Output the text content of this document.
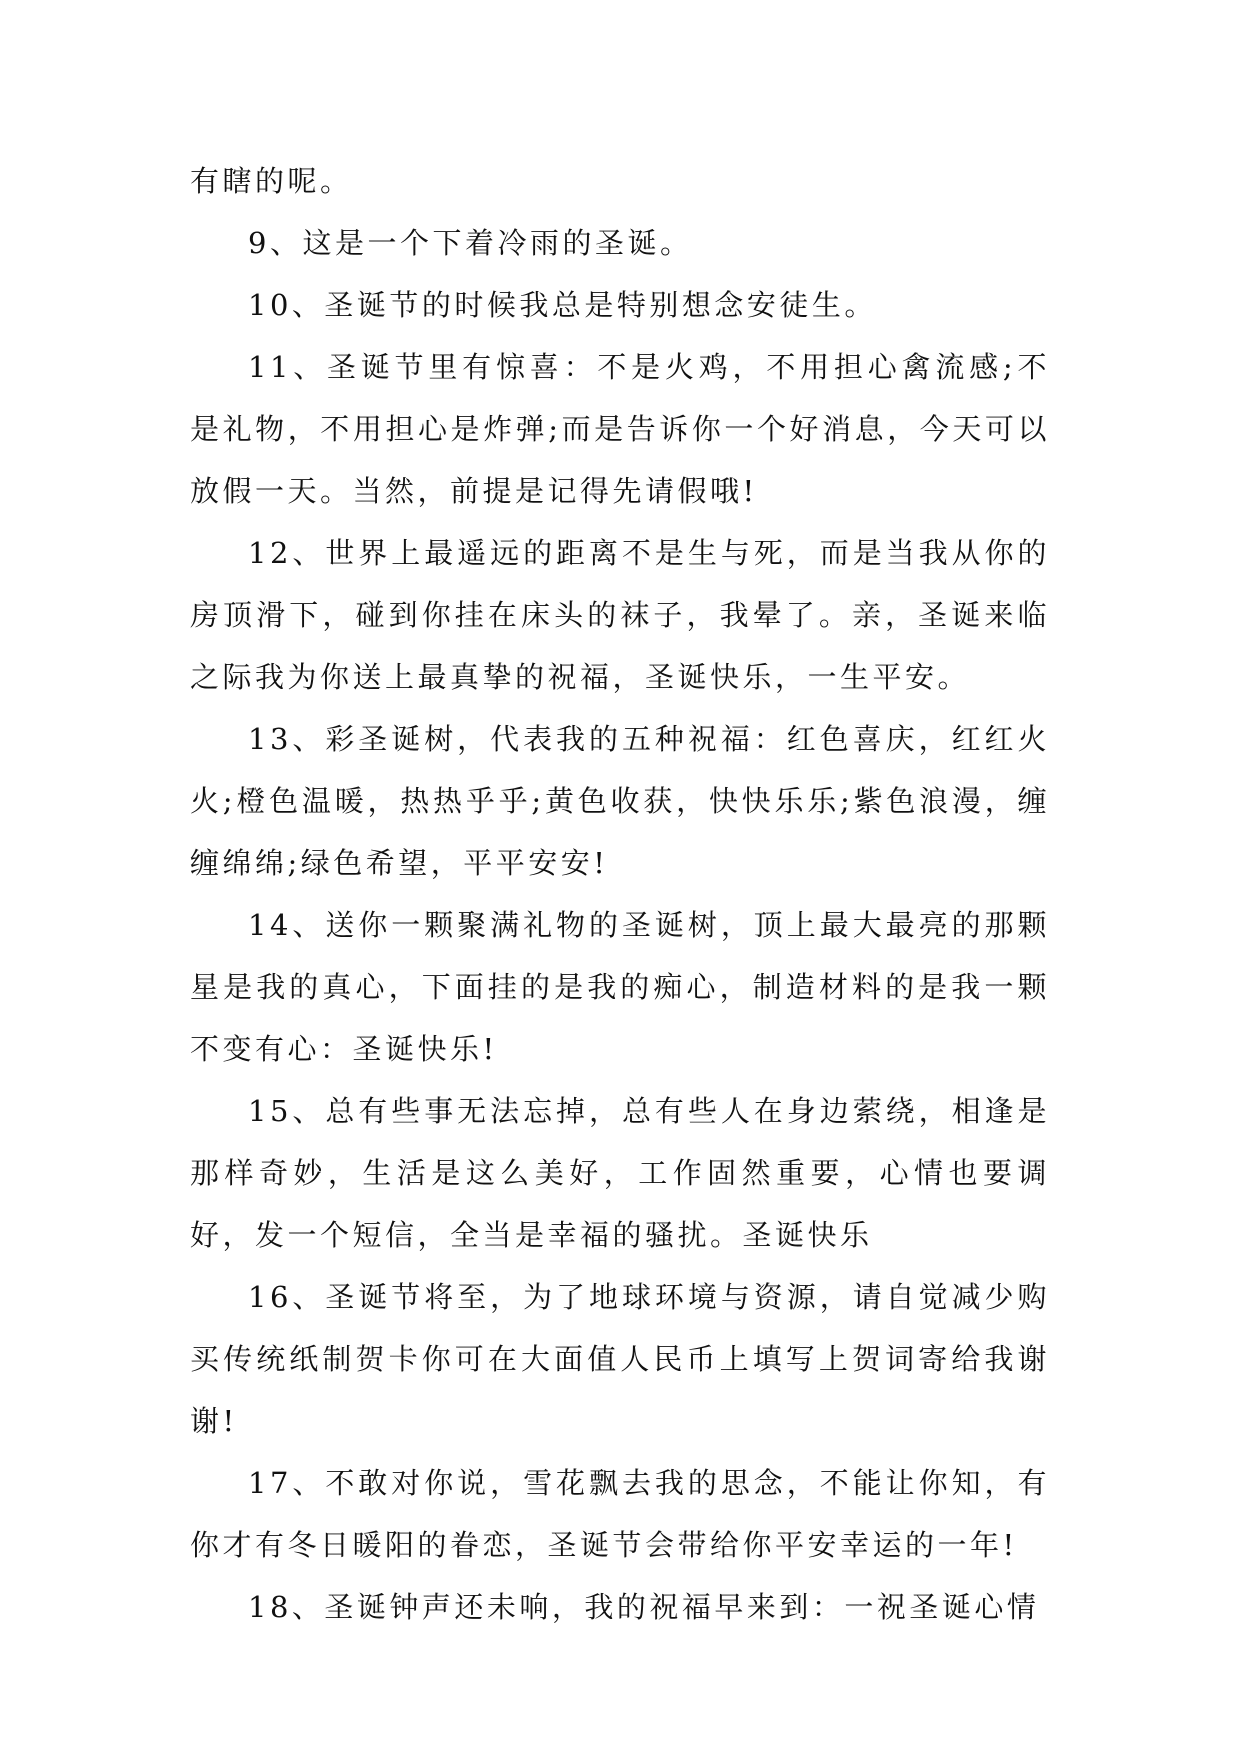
有瞎的呢。

9、这是一个下着冷雨的圣诞。

10、圣诞节的时候我总是特别想念安徒生。

11、圣诞节里有惊喜：不是火鸡，不用担心禽流感;不是礼物，不用担心是炸弹;而是告诉你一个好消息，今天可以放假一天。当然，前提是记得先请假哦!

12、世界上最遥远的距离不是生与死，而是当我从你的房顶滑下，碰到你挂在床头的袜子，我晕了。亲，圣诞来临之际我为你送上最真挚的祝福，圣诞快乐，一生平安。

13、彩圣诞树，代表我的五种祝福：红色喜庆，红红火火;橙色温暖，热热乎乎;黄色收获，快快乐乐;紫色浪漫，缠缠绵绵;绿色希望，平平安安!

14、送你一颗聚满礼物的圣诞树，顶上最大最亮的那颗星是我的真心，下面挂的是我的痴心，制造材料的是我一颗不变有心：圣诞快乐!

15、总有些事无法忘掉，总有些人在身边萦绕，相逢是那样奇妙，生活是这么美好，工作固然重要，心情也要调好，发一个短信，全当是幸福的骚扰。圣诞快乐

16、圣诞节将至，为了地球环境与资源，请自觉减少购买传统纸制贺卡你可在大面值人民币上填写上贺词寄给我谢谢!

17、不敢对你说，雪花飘去我的思念，不能让你知，有你才有冬日暖阳的眷恋，圣诞节会带给你平安幸运的一年!

18、圣诞钟声还未响，我的祝福早来到：一祝圣诞心情
